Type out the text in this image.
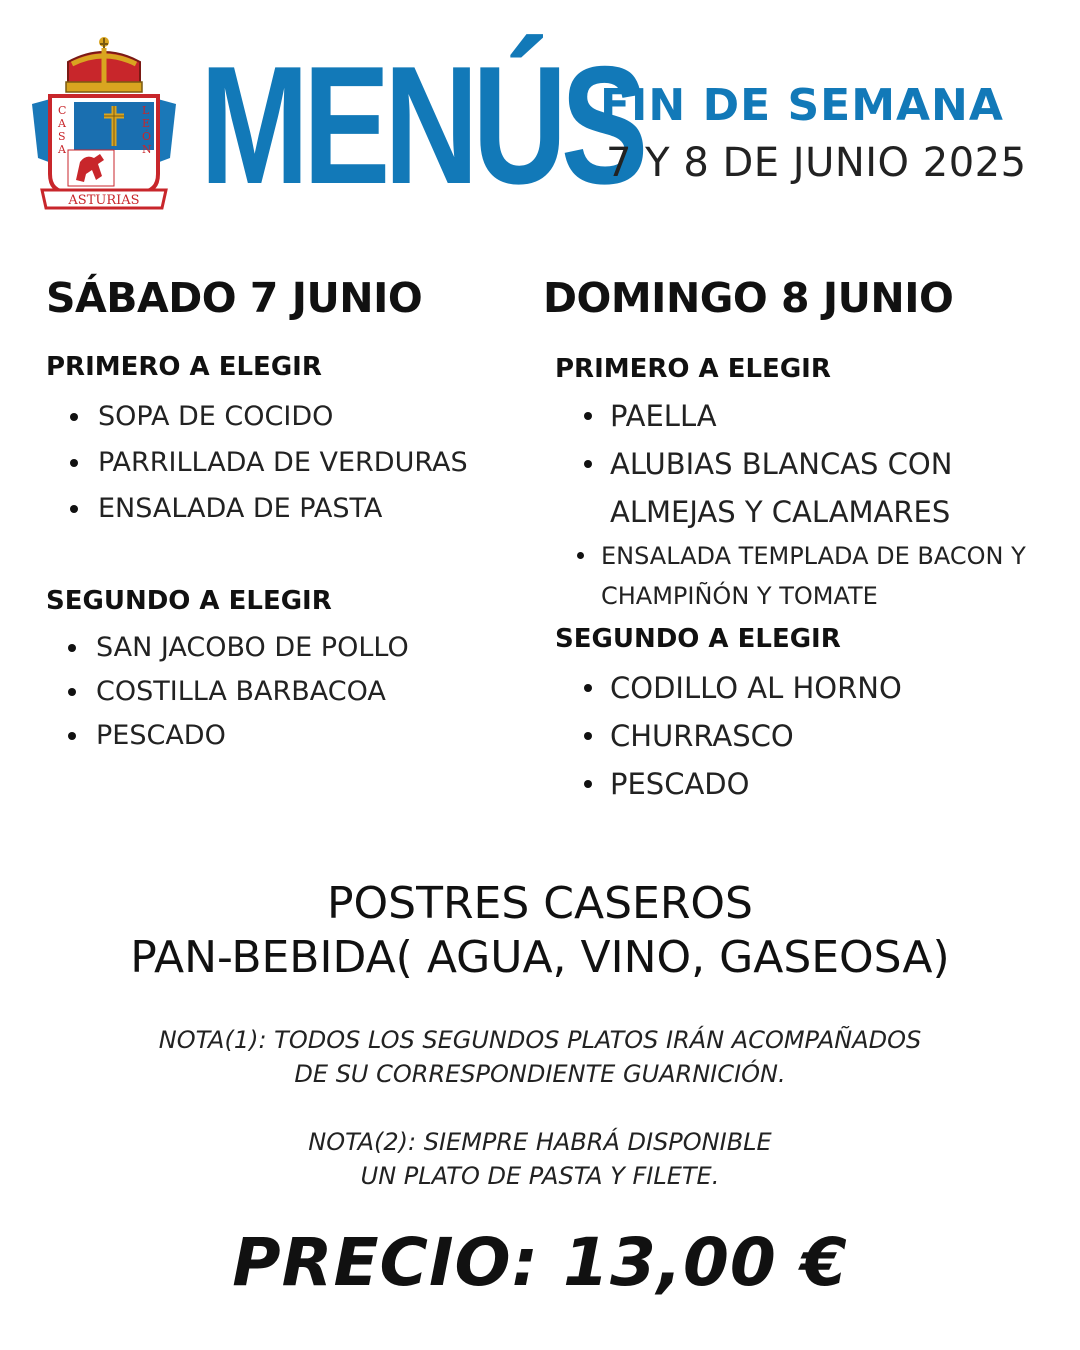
C
A
S
A
L
E
Ó
N
ASTURIAS MENÚS
FIN DE SEMANA
7 Y 8 DE JUNIO 2025
SÁBADO 7 JUNIO
PRIMERO A ELEGIR
SOPA DE COCIDO
PARRILLADA DE VERDURAS
ENSALADA DE PASTA
SEGUNDO A ELEGIR
SAN JACOBO DE POLLO
COSTILLA BARBACOA
PESCADO
DOMINGO 8 JUNIO
PRIMERO A ELEGIR
PAELLA
ALUBIAS BLANCAS CON
ALMEJAS Y CALAMARES
ENSALADA TEMPLADA DE BACON Y CHAMPIÑÓN Y TOMATE
SEGUNDO A ELEGIR
CODILLO AL HORNO
CHURRASCO
PESCADO
POSTRES CASEROS
PAN-BEBIDA( AGUA, VINO, GASEOSA)
NOTA(1): TODOS LOS SEGUNDOS PLATOS IRÁN ACOMPAÑADOS
DE SU CORRESPONDIENTE GUARNICIÓN.
NOTA(2): SIEMPRE HABRÁ DISPONIBLE
UN PLATO DE PASTA Y FILETE.
PRECIO: 13,00 €
